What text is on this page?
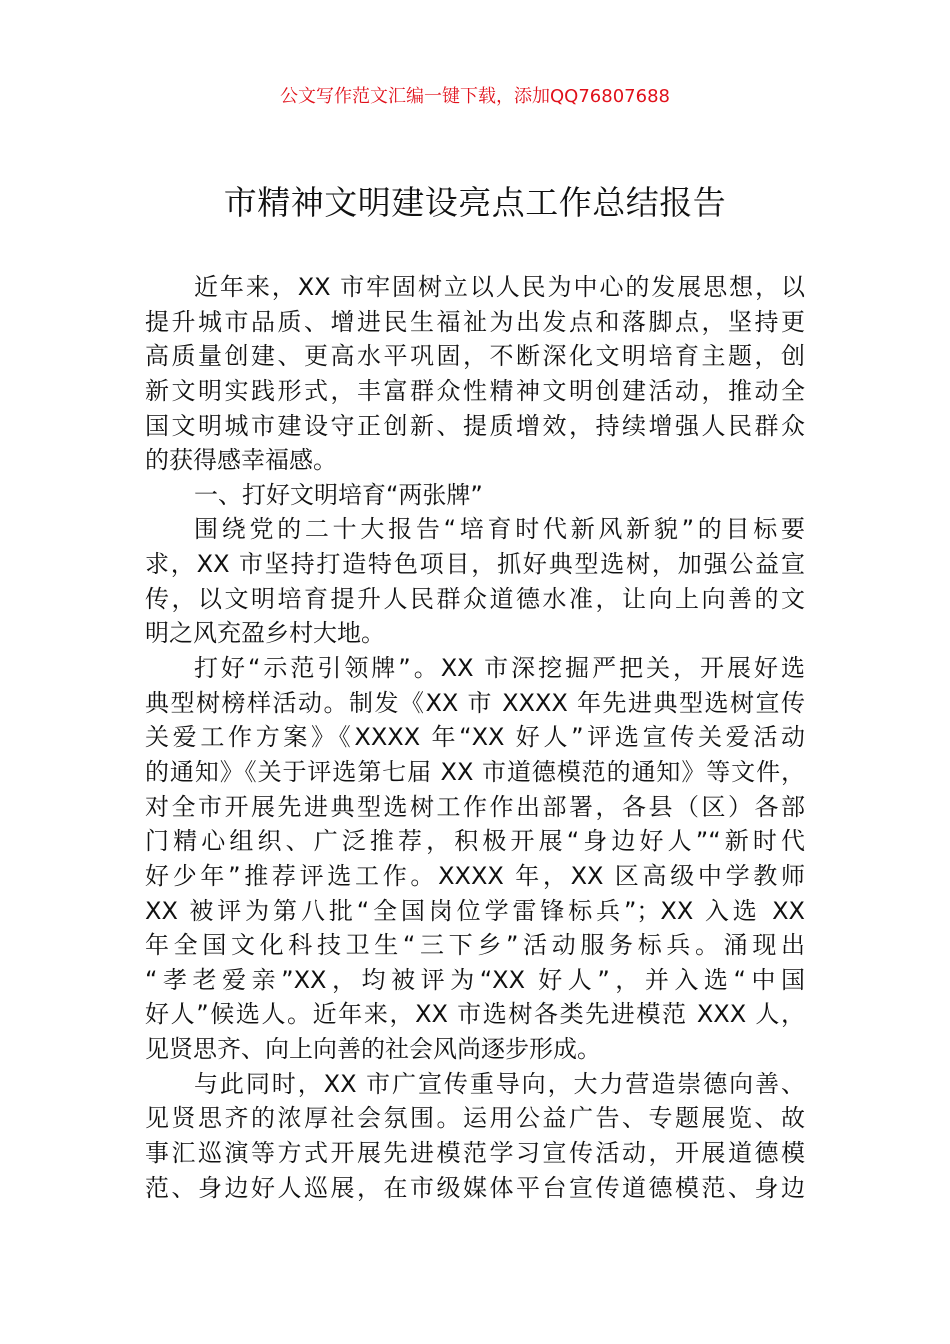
公文写作范文汇编一键下载，添加QQ76807688
市精神文明建设亮点工作总结报告
近年来，XX 市牢固树立以人民为中心的发展思想，以
提升城市品质、增进民生福祉为出发点和落脚点，坚持更
高质量创建、更高水平巩固，不断深化文明培育主题，创
新文明实践形式，丰富群众性精神文明创建活动，推动全
国文明城市建设守正创新、提质增效，持续增强人民群众
的获得感幸福感。
一、打好文明培育“两张牌”
围绕党的二十大报告“培育时代新风新貌”的目标要
求，XX 市坚持打造特色项目，抓好典型选树，加强公益宣
传，以文明培育提升人民群众道德水准，让向上向善的文
明之风充盈乡村大地。
打好“示范引领牌”。XX 市深挖掘严把关，开展好选
典型树榜样活动。制发《XX 市 XXXX 年先进典型选树宣传
关爱工作方案》《XXXX 年“XX 好人”评选宣传关爱活动
的通知》《关于评选第七届 XX 市道德模范的通知》等文件，
对全市开展先进典型选树工作作出部署，各县（区）各部
门精心组织、广泛推荐，积极开展“身边好人”“新时代
好少年”推荐评选工作。XXXX 年，XX 区高级中学教师
XX 被评为第八批“全国岗位学雷锋标兵”；XX 入选 XX
年全国文化科技卫生“三下乡”活动服务标兵。涌现出
“孝老爱亲”XX，均被评为“XX 好人”，并入选“中国
好人”候选人。近年来，XX 市选树各类先进模范 XXX 人，
见贤思齐、向上向善的社会风尚逐步形成。
与此同时，XX 市广宣传重导向，大力营造崇德向善、
见贤思齐的浓厚社会氛围。运用公益广告、专题展览、故
事汇巡演等方式开展先进模范学习宣传活动，开展道德模
范、身边好人巡展，在市级媒体平台宣传道德模范、身边
